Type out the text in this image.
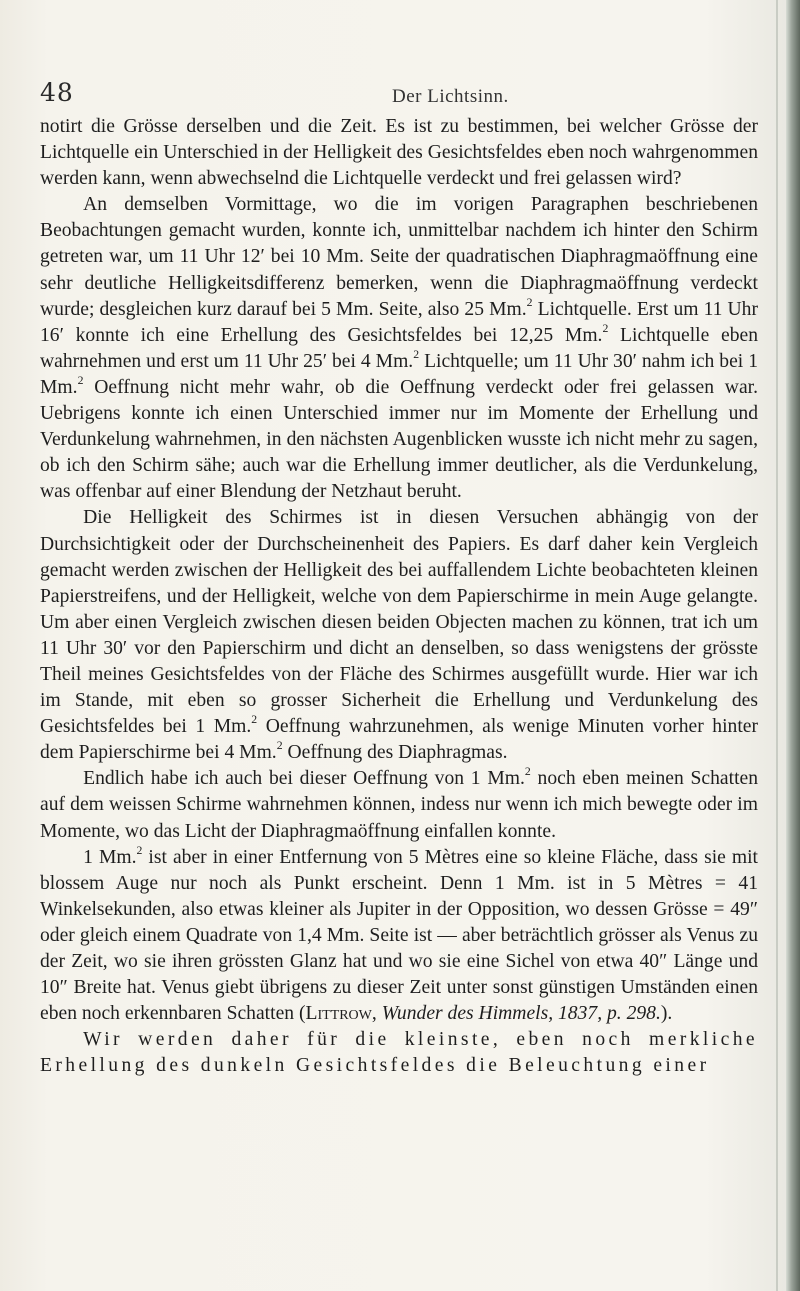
48	Der Lichtsinn.

notirt die Grösse derselben und die Zeit. Es ist zu bestimmen, bei welcher Grösse der Lichtquelle ein Unterschied in der Helligkeit des Gesichtsfeldes eben noch wahrgenommen werden kann, wenn abwechselnd die Lichtquelle verdeckt und frei gelassen wird?

An demselben Vormittage, wo die im vorigen Paragraphen beschriebenen Beobachtungen gemacht wurden, konnte ich, unmittelbar nachdem ich hinter den Schirm getreten war, um 11 Uhr 12′ bei 10 Mm. Seite der quadratischen Diaphragmaöffnung eine sehr deutliche Helligkeitsdifferenz bemerken, wenn die Diaphragmaöffnung verdeckt wurde; desgleichen kurz darauf bei 5 Mm. Seite, also 25 Mm.$^2$ Lichtquelle. Erst um 11 Uhr 16′ konnte ich eine Erhellung des Gesichtsfeldes bei 12,25 Mm.$^2$ Lichtquelle eben wahrnehmen und erst um 11 Uhr 25′ bei 4 Mm.$^2$ Lichtquelle; um 11 Uhr 30′ nahm ich bei 1 Mm.$^2$ Oeffnung nicht mehr wahr, ob die Oeffnung verdeckt oder frei gelassen war. Uebrigens konnte ich einen Unterschied immer nur im Momente der Erhellung und Verdunkelung wahrnehmen, in den nächsten Augenblicken wusste ich nicht mehr zu sagen, ob ich den Schirm sähe; auch war die Erhellung immer deutlicher, als die Verdunkelung, was offenbar auf einer Blendung der Netzhaut beruht.

Die Helligkeit des Schirmes ist in diesen Versuchen abhängig von der Durchsichtigkeit oder der Durchscheinenheit des Papiers. Es darf daher kein Vergleich gemacht werden zwischen der Helligkeit des bei auffallendem Lichte beobachteten kleinen Papierstreifens, und der Helligkeit, welche von dem Papierschirme in mein Auge gelangte. Um aber einen Vergleich zwischen diesen beiden Objecten machen zu können, trat ich um 11 Uhr 30′ vor den Papierschirm und dicht an denselben, so dass wenigstens der grösste Theil meines Gesichtsfeldes von der Fläche des Schirmes ausgefüllt wurde. Hier war ich im Stande, mit eben so grosser Sicherheit die Erhellung und Verdunkelung des Gesichtsfeldes bei 1 Mm.$^2$ Oeffnung wahrzunehmen, als wenige Minuten vorher hinter dem Papierschirme bei 4 Mm.$^2$ Oeffnung des Diaphragmas.

Endlich habe ich auch bei dieser Oeffnung von 1 Mm.$^2$ noch eben meinen Schatten auf dem weissen Schirme wahrnehmen können, indess nur wenn ich mich bewegte oder im Momente, wo das Licht der Diaphragmaöffnung einfallen konnte.

1 Mm.$^2$ ist aber in einer Entfernung von 5 Mètres eine so kleine Fläche, dass sie mit blossem Auge nur noch als Punkt erscheint. Denn 1 Mm. ist in 5 Mètres = 41 Winkelsekunden, also etwas kleiner als Jupiter in der Opposition, wo dessen Grösse = 49″ oder gleich einem Quadrate von 1,4 Mm. Seite ist — aber beträchtlich grösser als Venus zu der Zeit, wo sie ihren grössten Glanz hat und wo sie eine Sichel von etwa 40″ Länge und 10″ Breite hat. Venus giebt übrigens zu dieser Zeit unter sonst günstigen Umständen einen eben noch erkennbaren Schatten (Littrow, Wunder des Himmels, 1837, p. 298.).

Wir werden daher für die kleinste, eben noch merkliche Erhellung des dunkeln Gesichtsfeldes die Beleuchtung einer
